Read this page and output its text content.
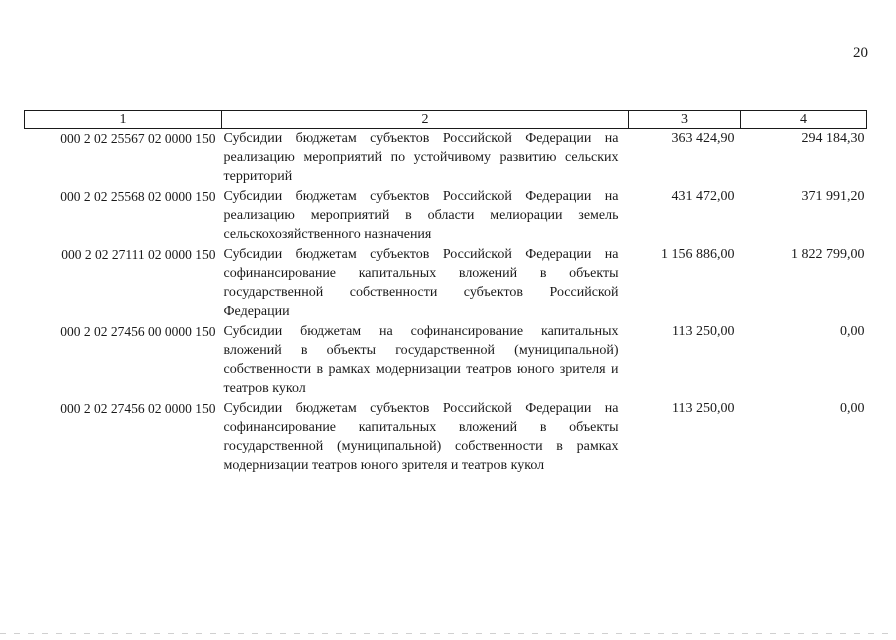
20
1	2	3	4
000 2 02 25567 02 0000 150	Субсидии бюджетам субъектов Российской Федерации на реализацию мероприятий по устойчивому развитию сельских территорий	363 424,90	294 184,30
000 2 02 25568 02 0000 150	Субсидии бюджетам субъектов Российской Федерации на реализацию мероприятий в области мелиорации земель сельскохозяйственного назначения	431 472,00	371 991,20
000 2 02 27111 02 0000 150	Субсидии бюджетам субъектов Российской Федерации на софинансирование капитальных вложений в объекты государственной собственности субъектов Российской Федерации	1 156 886,00	1 822 799,00
000 2 02 27456 00 0000 150	Субсидии бюджетам на софинансирование капитальных вложений в объекты государственной (муниципальной) собственности в рамках модернизации театров юного зрителя и театров кукол	113 250,00	0,00
000 2 02 27456 02 0000 150	Субсидии бюджетам субъектов Российской Федерации на софинансирование капитальных вложений в объекты государственной (муниципальной) собственности в рамках модернизации театров юного зрителя и театров кукол	113 250,00	0,00
